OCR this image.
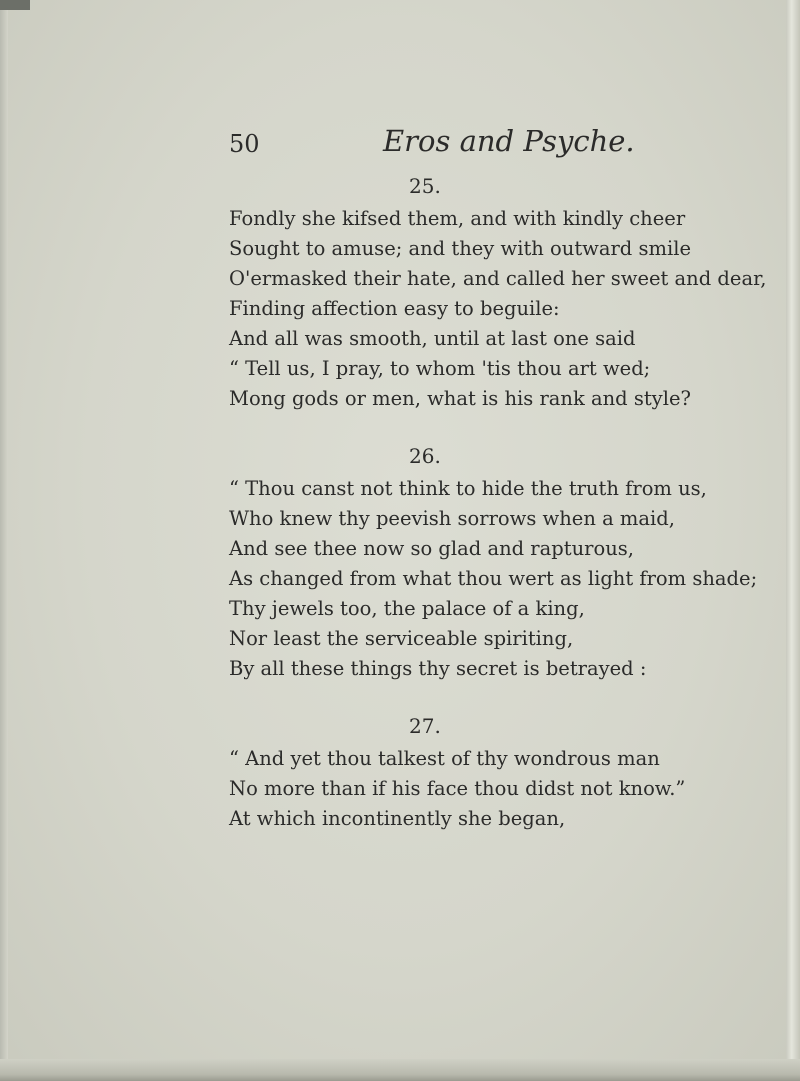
50	Eros and Psyche.
25.
Fondly she kifsed them, and with kindly cheer
Sought to amuse; and they with outward smile
O'ermasked their hate, and called her sweet and dear,
Finding affection easy to beguile:
And all was smooth, until at last one said
“ Tell us, I pray, to whom 'tis thou art wed;
Mong gods or men, what is his rank and style?
26.
“ Thou canst not think to hide the truth from us,
Who knew thy peevish sorrows when a maid,
And see thee now so glad and rapturous,
As changed from what thou wert as light from shade;
Thy jewels too, the palace of a king,
Nor least the serviceable spiriting,
By all these things thy secret is betrayed :
27.
“ And yet thou talkest of thy wondrous man
No more than if his face thou didst not know.”
At which incontinently she began,
